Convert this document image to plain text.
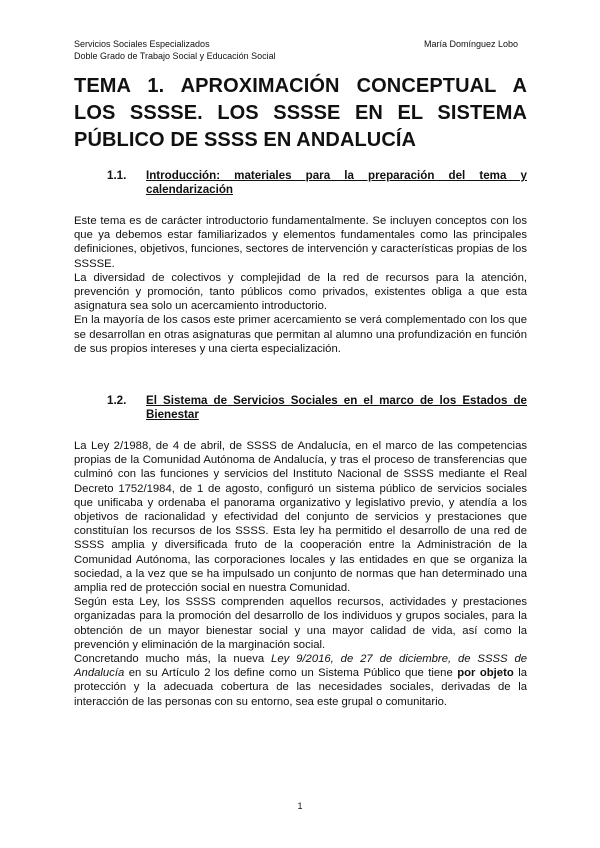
Servicios Sociales Especializados
Doble Grado de Trabajo Social y Educación Social
María Domínguez Lobo
TEMA 1. APROXIMACIÓN CONCEPTUAL A LOS SSSSE. LOS SSSSE EN EL SISTEMA PÚBLICO DE SSSS EN ANDALUCÍA
1.1. Introducción: materiales para la preparación del tema y calendarización

Este tema es de carácter introductorio fundamentalmente. Se incluyen conceptos con los que ya debemos estar familiarizados y elementos fundamentales como las principales definiciones, objetivos, funciones, sectores de intervención y características propias de los SSSSE.

La diversidad de colectivos y complejidad de la red de recursos para la atención, prevención y promoción, tanto públicos como privados, existentes obliga a que esta asignatura sea solo un acercamiento introductorio.

En la mayoría de los casos este primer acercamiento se verá complementado con los que se desarrollan en otras asignaturas que permitan al alumno una profundización en función de sus propios intereses y una cierta especialización.

1.2. El Sistema de Servicios Sociales en el marco de los Estados de Bienestar

La Ley 2/1988, de 4 de abril, de SSSS de Andalucía, en el marco de las competencias propias de la Comunidad Autónoma de Andalucía, y tras el proceso de transferencias que culminó con las funciones y servicios del Instituto Nacional de SSSS mediante el Real Decreto 1752/1984, de 1 de agosto, configuró un sistema público de servicios sociales que unificaba y ordenaba el panorama organizativo y legislativo previo, y atendía a los objetivos de racionalidad y efectividad del conjunto de servicios y prestaciones que constituían los recursos de los SSSS. Esta ley ha permitido el desarrollo de una red de SSSS amplia y diversificada fruto de la cooperación entre la Administración de la Comunidad Autónoma, las corporaciones locales y las entidades en que se organiza la sociedad, a la vez que se ha impulsado un conjunto de normas que han determinado una amplia red de protección social en nuestra Comunidad.

Según esta Ley, los SSSS comprenden aquellos recursos, actividades y prestaciones organizadas para la promoción del desarrollo de los individuos y grupos sociales, para la obtención de un mayor bienestar social y una mayor calidad de vida, así como la prevención y eliminación de la marginación social.

Concretando mucho más, la nueva Ley 9/2016, de 27 de diciembre, de SSSS de Andalucía en su Artículo 2 los define como un Sistema Público que tiene por objeto la protección y la adecuada cobertura de las necesidades sociales, derivadas de la interacción de las personas con su entorno, sea este grupal o comunitario.

1
